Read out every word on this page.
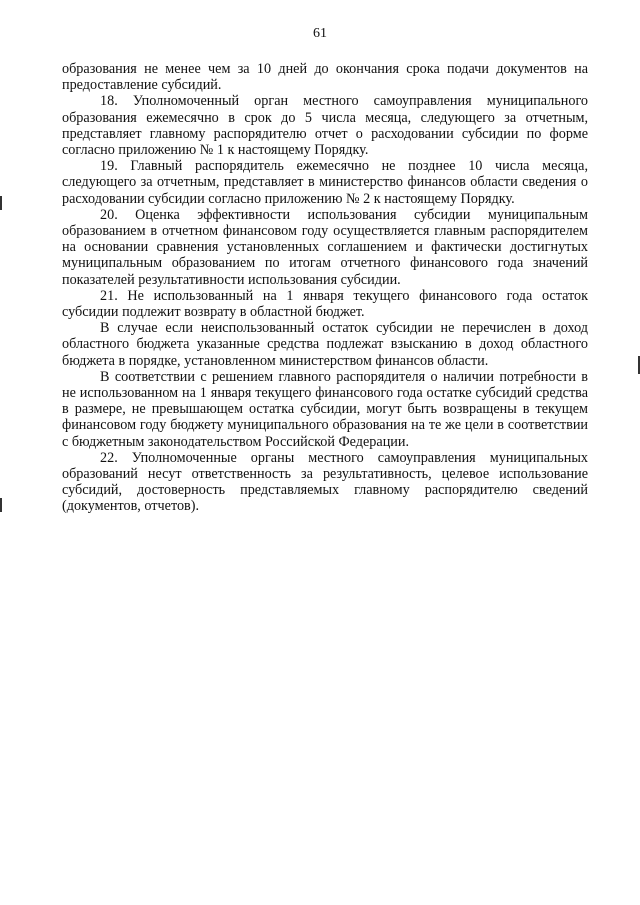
61

образования не менее чем за 10 дней до окончания срока подачи документов на предоставление субсидий.

18. Уполномоченный орган местного самоуправления муниципального образования ежемесячно в срок до 5 числа месяца, следующего за отчетным, представляет главному распорядителю отчет о расходовании субсидии по форме согласно приложению № 1 к настоящему Порядку.

19. Главный распорядитель ежемесячно не позднее 10 числа месяца, следующего за отчетным, представляет в министерство финансов области сведения о расходовании субсидии согласно приложению № 2 к настоящему Порядку.

20. Оценка эффективности использования субсидии муниципальным образованием в отчетном финансовом году осуществляется главным распорядителем на основании сравнения установленных соглашением и фактически достигнутых муниципальным образованием по итогам отчетного финансового года значений показателей результативности использования субсидии.

21. Не использованный на 1 января текущего финансового года остаток субсидии подлежит возврату в областной бюджет.

В случае если неиспользованный остаток субсидии не перечислен в доход областного бюджета указанные средства подлежат взысканию в доход областного бюджета в порядке, установленном министерством финансов области.

В соответствии с решением главного распорядителя о наличии потребности в не использованном на 1 января текущего финансового года остатке субсидий средства в размере, не превышающем остатка субсидии, могут быть возвращены в текущем финансовом году бюджету муниципального образования на те же цели в соответствии с бюджетным законодательством Российской Федерации.

22. Уполномоченные органы местного самоуправления муниципальных образований несут ответственность за результативность, целевое использование субсидий, достоверность представляемых главному распорядителю сведений (документов, отчетов).
